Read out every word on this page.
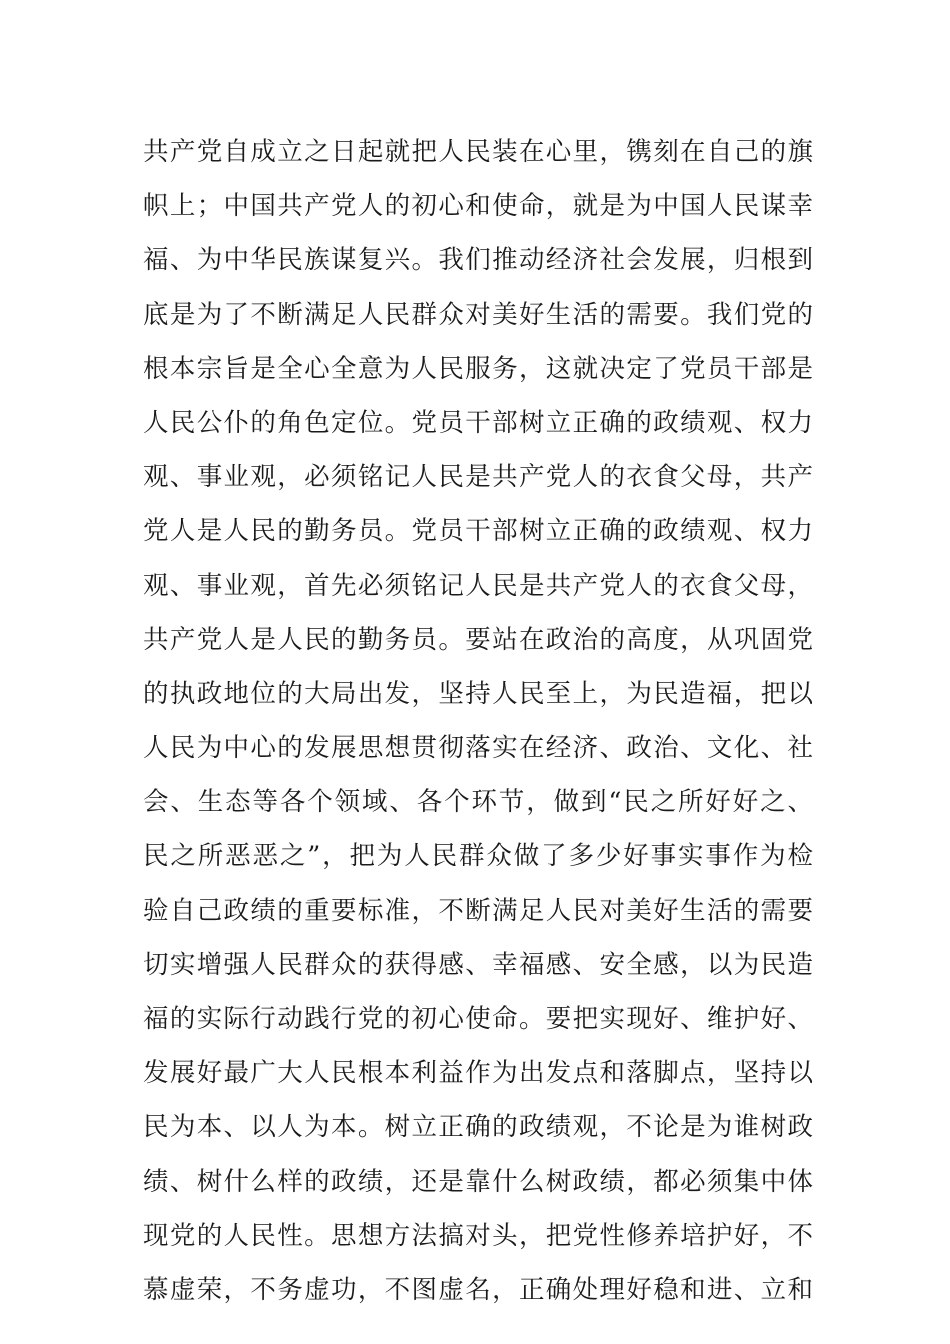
共产党自成立之日起就把人民装在心里，镌刻在自己的旗
帜上；中国共产党人的初心和使命，就是为中国人民谋幸
福、为中华民族谋复兴。我们推动经济社会发展，归根到
底是为了不断满足人民群众对美好生活的需要。我们党的
根本宗旨是全心全意为人民服务，这就决定了党员干部是
人民公仆的角色定位。党员干部树立正确的政绩观、权力
观、事业观，必须铭记人民是共产党人的衣食父母，共产
党人是人民的勤务员。党员干部树立正确的政绩观、权力
观、事业观，首先必须铭记人民是共产党人的衣食父母，
共产党人是人民的勤务员。要站在政治的高度，从巩固党
的执政地位的大局出发，坚持人民至上，为民造福，把以
人民为中心的发展思想贯彻落实在经济、政治、文化、社
会、生态等各个领域、各个环节，做到“民之所好好之、
民之所恶恶之”，把为人民群众做了多少好事实事作为检
验自己政绩的重要标准，不断满足人民对美好生活的需要
切实增强人民群众的获得感、幸福感、安全感，以为民造
福的实际行动践行党的初心使命。要把实现好、维护好、
发展好最广大人民根本利益作为出发点和落脚点，坚持以
民为本、以人为本。树立正确的政绩观，不论是为谁树政
绩、树什么样的政绩，还是靠什么树政绩，都必须集中体
现党的人民性。思想方法搞对头，把党性修养培护好，不
慕虚荣，不务虚功，不图虚名，正确处理好稳和进、立和
